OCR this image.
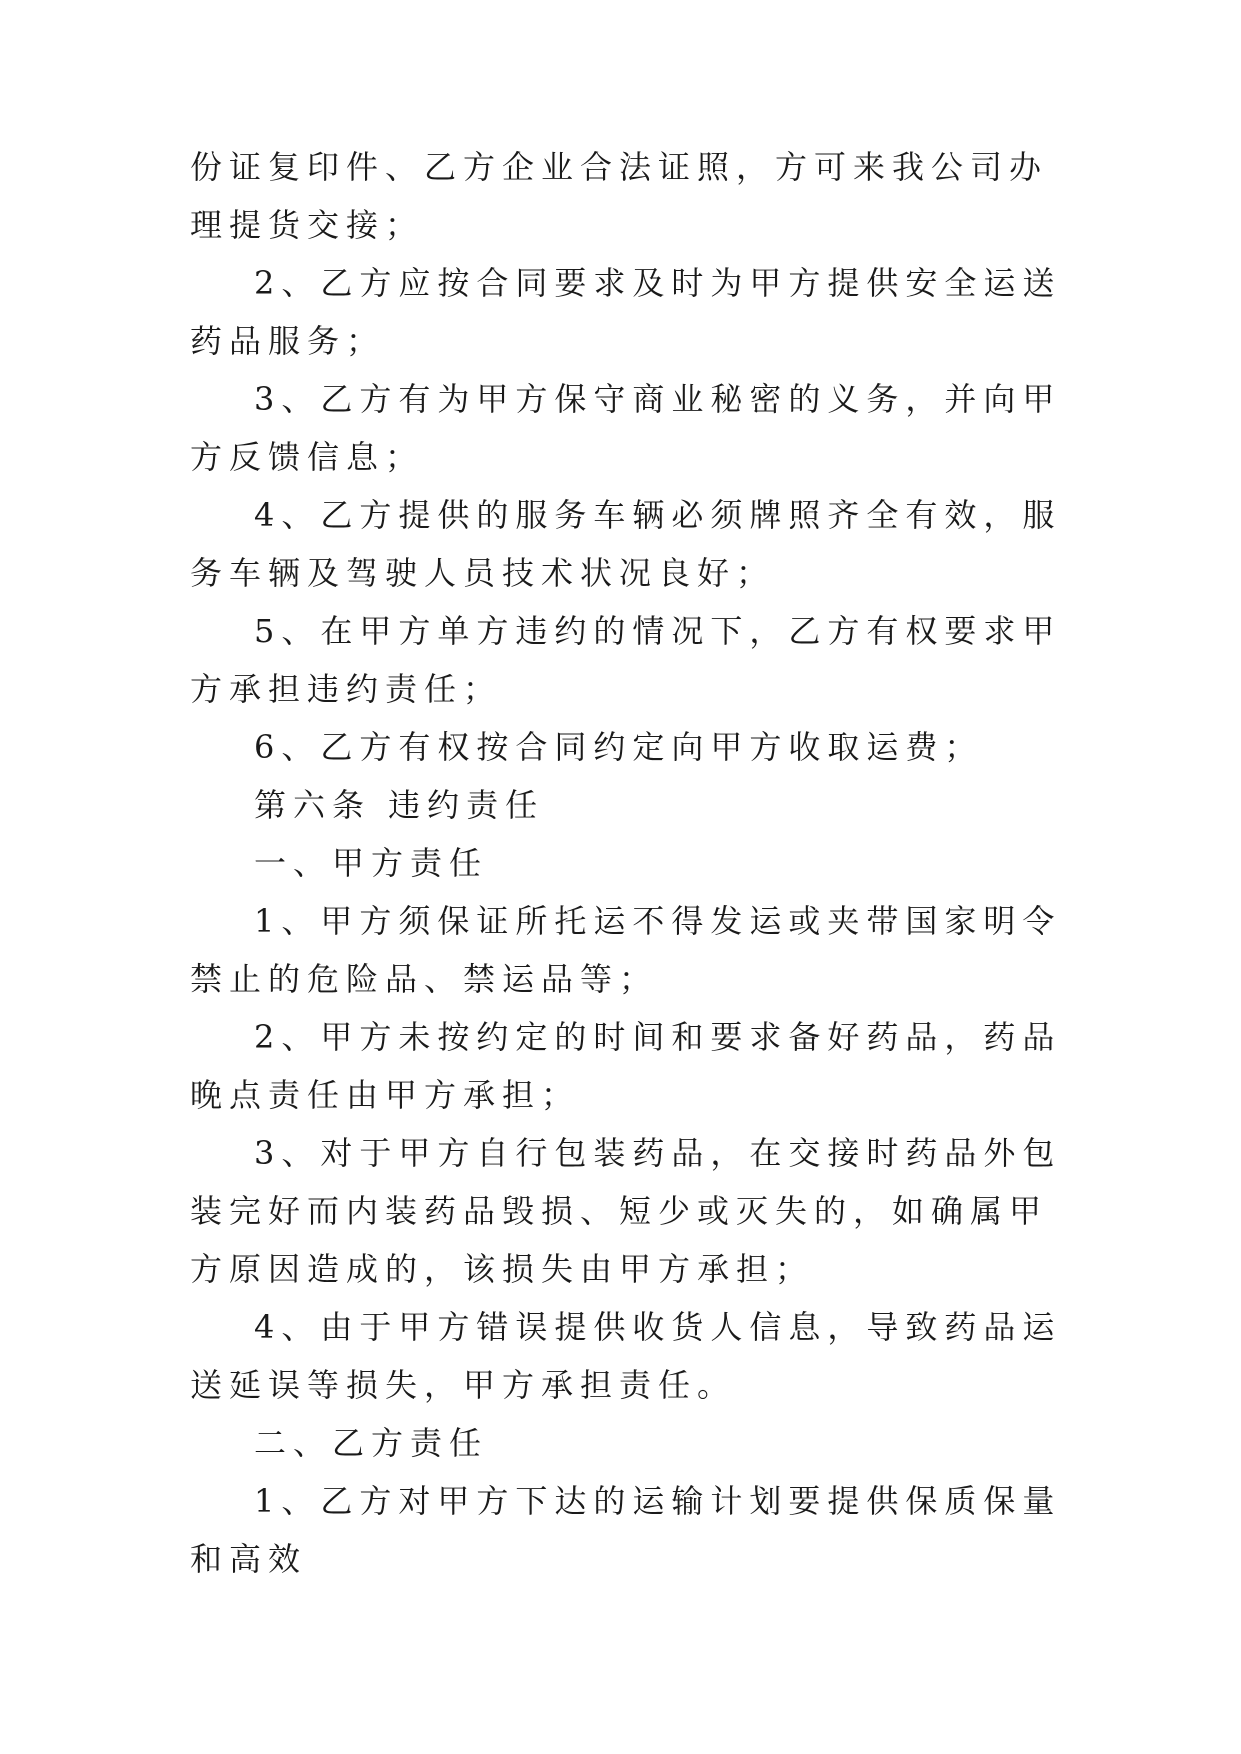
份证复印件、乙方企业合法证照，方可来我公司办理提货交接；

2、乙方应按合同要求及时为甲方提供安全运送药品服务；

3、乙方有为甲方保守商业秘密的义务，并向甲方反馈信息；

4、乙方提供的服务车辆必须牌照齐全有效，服务车辆及驾驶人员技术状况良好；

5、在甲方单方违约的情况下，乙方有权要求甲方承担违约责任；

6、乙方有权按合同约定向甲方收取运费；

第六条 违约责任

一、甲方责任

1、甲方须保证所托运不得发运或夹带国家明令禁止的危险品、禁运品等；

2、甲方未按约定的时间和要求备好药品，药品晚点责任由甲方承担；

3、对于甲方自行包装药品，在交接时药品外包装完好而内装药品毁损、短少或灭失的，如确属甲方原因造成的，该损失由甲方承担；

4、由于甲方错误提供收货人信息，导致药品运送延误等损失，甲方承担责任。

二、乙方责任

1、乙方对甲方下达的运输计划要提供保质保量和高效
